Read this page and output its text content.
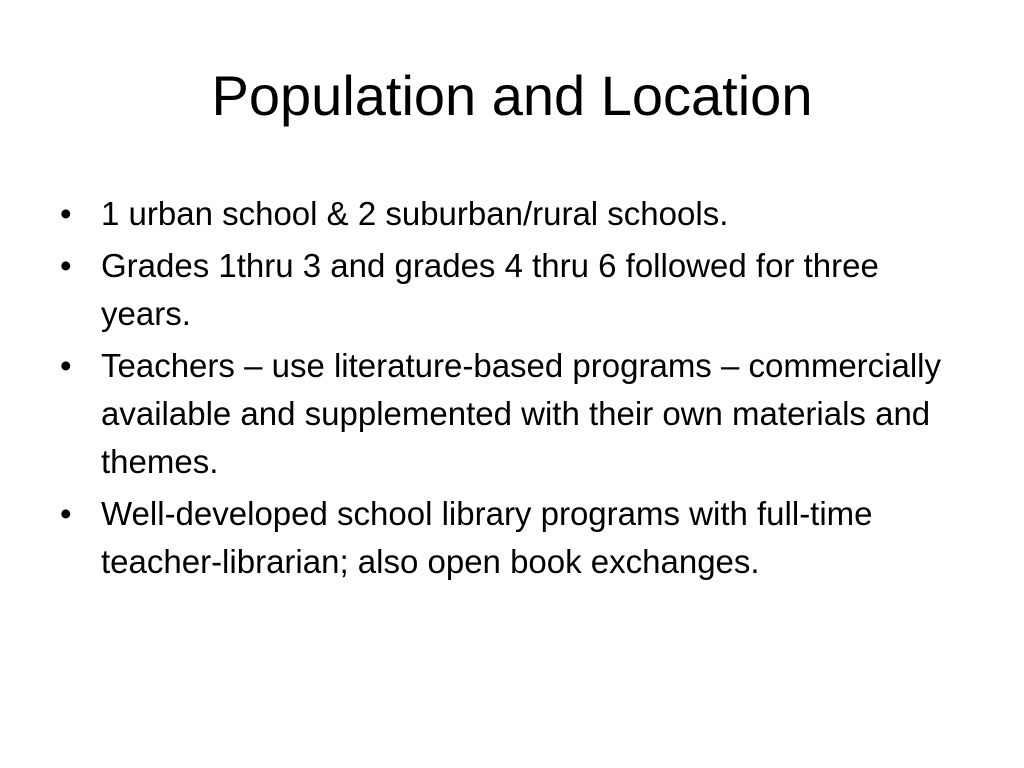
Population and Location
• 1 urban school & 2 suburban/rural schools.
• Grades 1thru 3 and grades 4 thru 6 followed for three years.
• Teachers – use literature-based programs – commercially available and supplemented with their own materials and themes.
• Well-developed school library programs with full-time teacher-librarian; also open book exchanges.
